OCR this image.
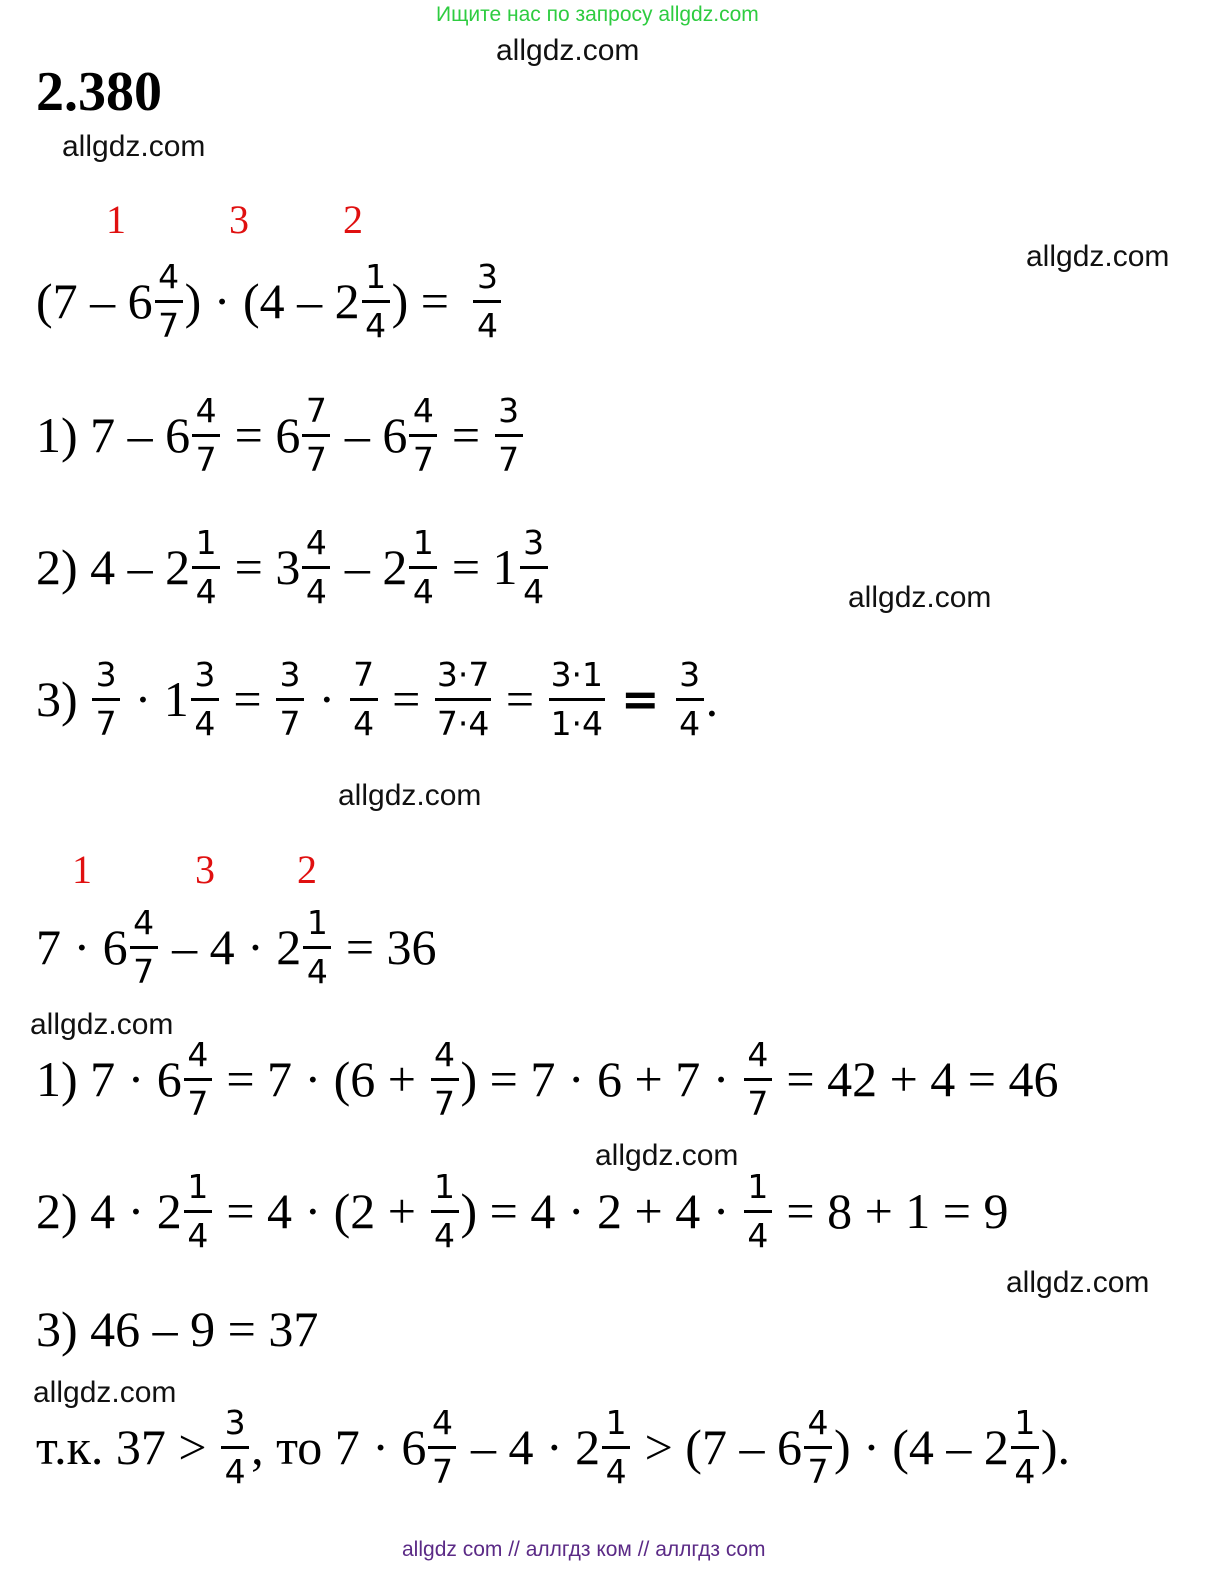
Ищите нас по запросу allgdz.com
allgdz.com
2.380
allgdz.com
1	3 2
allgdz.com
($7 - 6 \frac{4}{7}$ ) · ($4 - 2 \frac{1}{4}$ ) = $\frac{3}{4}$
1) $7 - 6 \frac{4}{7} = 6 \frac{7}{7} - 6 \frac{4}{7} = \frac{3}{7}$
2) $4 - 2 \frac{1}{4} = 3 \frac{4}{4} - 2 \frac{1}{4} = 1 \frac{3}{4}$	allgdz.com
$3) \frac{3}{7} \cdot 1 \frac{3}{4} = \frac{3}{7} \cdot \frac{7}{4} = \frac{3\cdot 7}{7\cdot 4} = \frac{3\cdot 1}{1\cdot 4} = \frac{3}{4}$ .
allgdz.com
1	3 2
$7 \cdot 6 \frac{4}{7} - 4 \cdot 2 \frac{1}{4} = 36$
allgdz.com
1) $7 \cdot 6 \frac{4}{7} = 7 \cdot (6 + \frac{4}{7}$ ) = $7 \cdot 6 + 7 \cdot \frac{4}{7} = 42 + 4 = 46$
allgdz.com
2) $4 \cdot 2 \frac{1}{4} = 4 \cdot (2 + \frac{1}{4}$ ) = $4 \cdot 2 + 4 \cdot \frac{1}{4} = 8 + 1 = 9$
allgdz.com
3) 46 – 9 = 37
allgdz.com
т.к. $37 > \frac{3}{4}$ , то $7 \cdot 6 \frac{4}{7} - 4 \cdot 2 \frac{1}{4} > (7 - 6 \frac{4}{7}$ ) · ($4 - 2 \frac{1}{4}$ ).
allgdz com // аллгдз ком // аллгдз com
